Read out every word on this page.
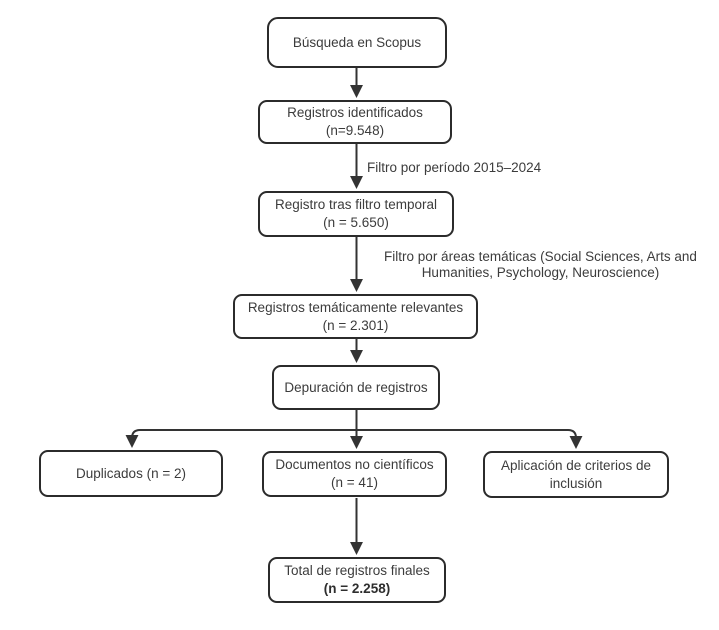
Búsqueda en Scopus
Registros identificados
(n=9.548)
Filtro por período 2015–2024
Registro tras filtro temporal
(n = 5.650)
Filtro por áreas temáticas (Social Sciences, Arts and
Humanities, Psychology, Neuroscience)
Registros temáticamente relevantes
(n = 2.301)
Depuración de registros
Duplicados (n = 2)
Documentos no científicos
(n = 41)
Aplicación de criterios de
inclusión
Total de registros finales
(n = 2.258)
